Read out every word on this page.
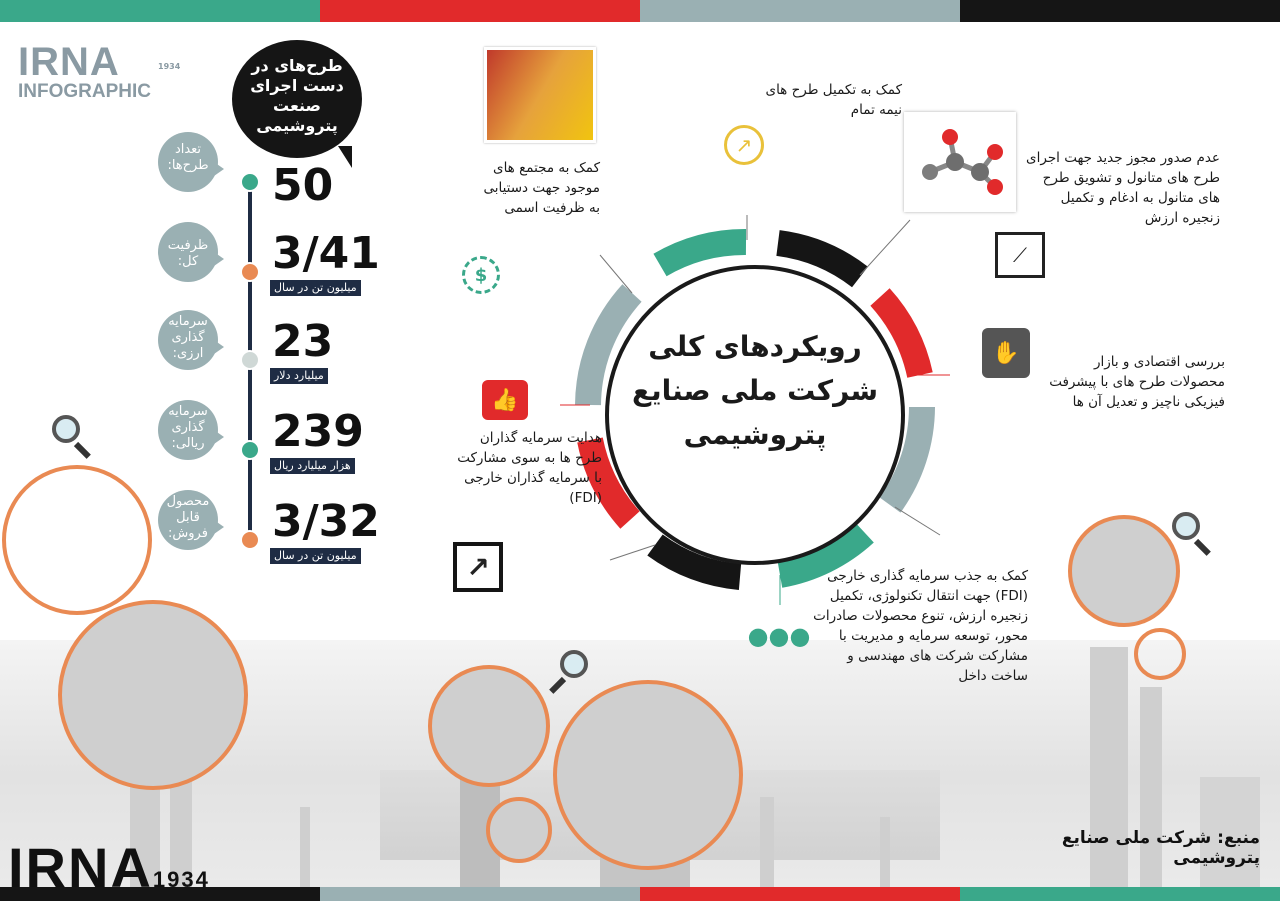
IRNA
INFOGRAPHIC
1934	طرح‌های در دست اجرای صنعت پتروشیمی
تعداد طرح‌ها:
ظرفیت کل:
سرمایه گذاری ارزی:
سرمایه گذاری ریالی:
محصول قابل فروش:
50
3/41
میلیون تن در سال
23
میلیارد دلار
239
هزار میلیارد ریال
3/32
میلیون تن در سال
رویکردهای کلی شرکت ملی صنایع پتروشیمی
کمک به تکمیل طرح های نیمه تمام
عدم صدور مجوز جدید جهت اجرای طرح های متانول و تشویق طرح های متانول به ادغام و تکمیل زنجیره ارزش
بررسی اقتصادی و بازار محصولات طرح های با پیشرفت فیزیکی ناچیز و تعدیل آن ها
کمک به جذب سرمایه گذاری خارجی (FDI) جهت انتقال تکنولوژی، تکمیل زنجیره ارزش، تنوع محصولات صادرات محور، توسعه سرمایه و مدیریت با مشارکت شرکت های مهندسی و ساخت داخل
هدایت سرمایه گذاران طرح ها به سوی مشارکت با سرمایه گذاران خارجی (FDI)
کمک به مجتمع های موجود جهت دستیابی به ظرفیت اسمی
↗
⟋
✋
●●●
↗
👍
$
منبع: شرکت ملی صنایع پتروشیمی
IRNA1934
